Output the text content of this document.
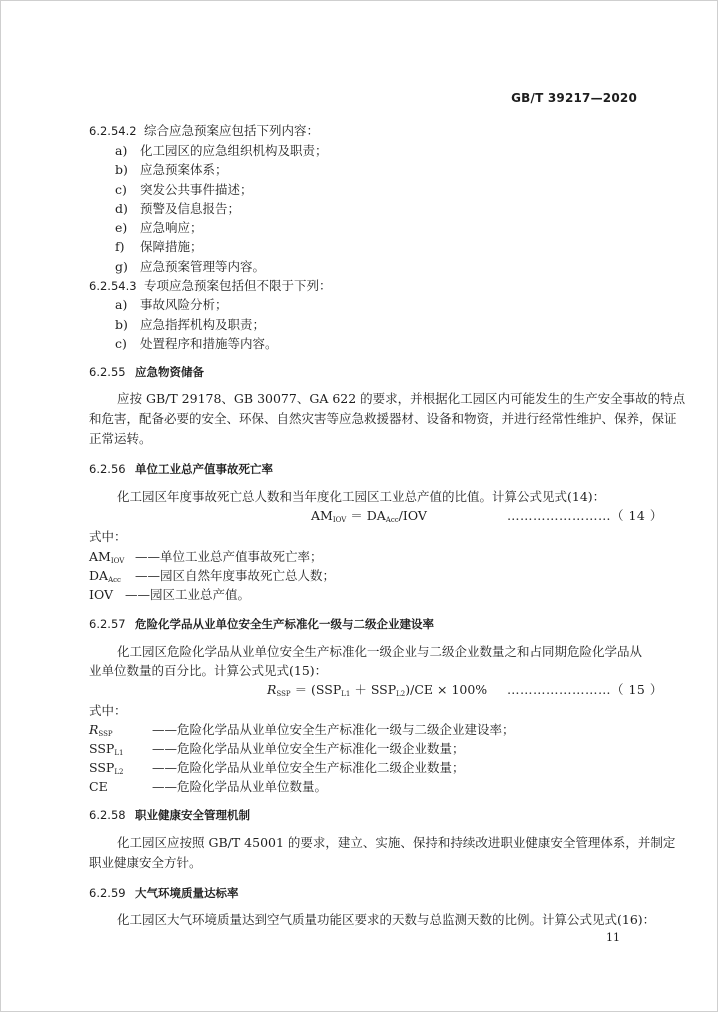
GB/T 39217—2020
6.2.54.2 综合应急预案应包括下列内容：
a) 化工园区的应急组织机构及职责；
b) 应急预案体系；
c) 突发公共事件描述；
d) 预警及信息报告；
e) 应急响应；
f) 保障措施；
g) 应急预案管理等内容。
6.2.54.3 专项应急预案包括但不限于下列：
a) 事故风险分析；
b) 应急指挥机构及职责；
c) 处置程序和措施等内容。
6.2.55 应急物资储备
应按 GB/T 29178、GB 30077、GA 622 的要求，并根据化工园区内可能发生的生产安全事故的特点
和危害，配备必要的安全、环保、自然灾害等应急救援器材、设备和物资，并进行经常性维护、保养，保证
正常运转。
6.2.56 单位工业总产值事故死亡率
化工园区年度事故死亡总人数和当年度化工园区工业总产值的比值。计算公式见式(14)：
$AM_{IOV} = DA_{Acc}/IOV$	……………………（ 14 ）
式中：
$AM_{IOV}$ ——单位工业总产值事故死亡率；
$DA_{Acc}$ ——园区自然年度事故死亡总人数；
IOV ——园区工业总产值。
6.2.57 危险化学品从业单位安全生产标准化一级与二级企业建设率
化工园区危险化学品从业单位安全生产标准化一级企业与二级企业数量之和占同期危险化学品从
业单位数量的百分比。计算公式见式(15)：
$R_{SSP} = (SSP_{L1} + SSP_{L2})/CE \times 100\%$ ……………………（ 15 ）
式中：
$R_{SSP}$	——危险化学品从业单位安全生产标准化一级与二级企业建设率；
$SSP_{L1}$ ——危险化学品从业单位安全生产标准化一级企业数量；
$SSP_{L2}$ ——危险化学品从业单位安全生产标准化二级企业数量；
CE	——危险化学品从业单位数量。
6.2.58 职业健康安全管理机制
化工园区应按照 GB/T 45001 的要求，建立、实施、保持和持续改进职业健康安全管理体系，并制定
职业健康安全方针。
6.2.59 大气环境质量达标率
化工园区大气环境质量达到空气质量功能区要求的天数与总监测天数的比例。计算公式见式(16)：
11
